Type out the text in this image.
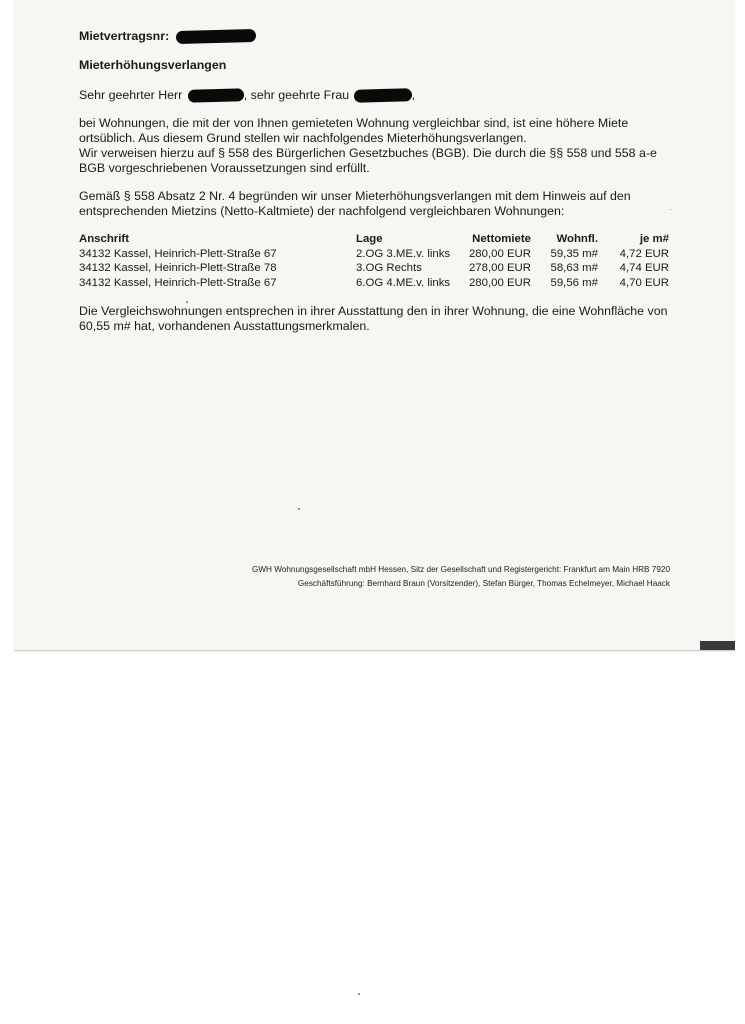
Mietvertragsnr:
Mieterhöhungsverlangen
Sehr geehrter Herr	, sehr geehrte Frau	,

bei Wohnungen, die mit der von Ihnen gemieteten Wohnung vergleichbar sind, ist eine höhere Miete

ortsüblich. Aus diesem Grund stellen wir nachfolgendes Mieterhöhungsverlangen.

Wir verweisen hierzu auf § 558 des Bürgerlichen Gesetzbuches (BGB). Die durch die §§ 558 und 558 a-e

BGB vorgeschriebenen Voraussetzungen sind erfüllt.

Gemäß § 558 Absatz 2 Nr. 4 begründen wir unser Mieterhöhungsverlangen mit dem Hinweis auf den

entsprechenden Mietzins (Netto-Kaltmiete) der nachfolgend vergleichbaren Wohnungen:

Anschrift	Lage	Nettomiete Wohnfl.	je m#
34132 Kassel, Heinrich-Plett-Straße 67	2.OG 3.ME.v. links 280,00 EUR 59,35 m# 4,72 EUR
34132 Kassel, Heinrich-Plett-Straße 78	3.OG Rechts	278,00 EUR 58,63 m# 4,74 EUR
34132 Kassel, Heinrich-Plett-Straße 67	6.OG 4.ME.v. links 280,00 EUR 59,56 m# 4,70 EUR

Die Vergleichswohnungen entsprechen in ihrer Ausstattung den in ihrer Wohnung, die eine Wohnfläche von

60,55 m# hat, vorhandenen Ausstattungsmerkmalen.

GWH Wohnungsgesellschaft mbH Hessen, Sitz der Gesellschaft und Registergericht: Frankfurt am Main HRB 7920
Geschäftsführung: Bernhard Braun (Vorsitzender), Stefan Bürger, Thomas Echelmeyer, Michael Haack
